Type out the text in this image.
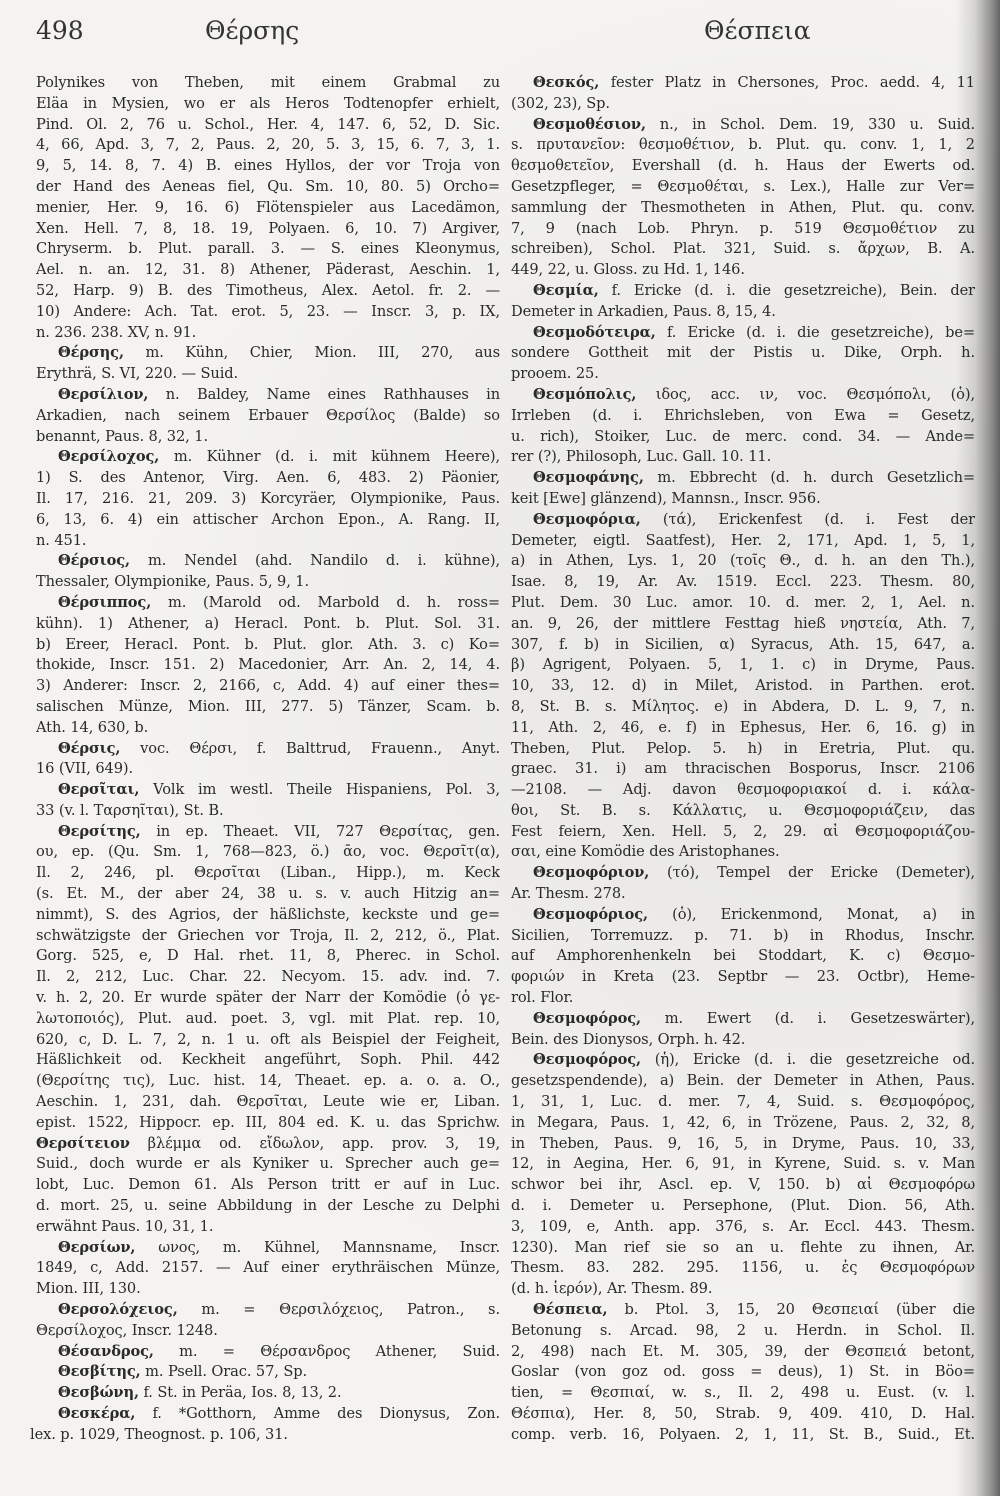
498	Θέρσης	Θέσπεια
Polynikes von Theben, mit einem Grabmal zu
Eläa in Mysien, wo er als Heros Todtenopfer erhielt,
Pind. Ol. 2, 76 u. Schol., Her. 4, 147. 6, 52, D. Sic.
4, 66, Apd. 3, 7, 2, Paus. 2, 20, 5. 3, 15, 6. 7, 3, 1.
9, 5, 14. 8, 7. 4) B. eines Hyllos, der vor Troja von
der Hand des Aeneas fiel, Qu. Sm. 10, 80. 5) Orcho=
menier, Her. 9, 16. 6) Flötenspieler aus Lacedämon,
Xen. Hell. 7, 8, 18. 19, Polyaen. 6, 10. 7) Argiver,
Chryserm. b. Plut. parall. 3. — S. eines Kleonymus,
Ael. n. an. 12, 31. 8) Athener, Päderast, Aeschin. 1,
52, Harp. 9) B. des Timotheus, Alex. Aetol. fr. 2. —
10) Andere: Ach. Tat. erot. 5, 23. — Inscr. 3, p. IX,
n. 236. 238. XV, n. 91.
Θέρσης, m. Kühn, Chier, Mion. III, 270, aus
Erythrä, S. VI, 220. — Suid.
Θερσίλιον, n. Baldey, Name eines Rathhauses in
Arkadien, nach seinem Erbauer Θερσίλος (Balde) so
benannt, Paus. 8, 32, 1.
Θερσίλοχος, m. Kühner (d. i. mit kühnem Heere),
1) S. des Antenor, Virg. Aen. 6, 483. 2) Päonier,
Il. 17, 216. 21, 209. 3) Korcyräer, Olympionike, Paus.
6, 13, 6. 4) ein attischer Archon Epon., A. Rang. II,
n. 451.
Θέρσιος, m. Nendel (ahd. Nandilo d. i. kühne),
Thessaler, Olympionike, Paus. 5, 9, 1.
Θέρσιππος, m. (Marold od. Marbold d. h. ross=
kühn). 1) Athener, a) Heracl. Pont. b. Plut. Sol. 31.
b) Ereer, Heracl. Pont. b. Plut. glor. Ath. 3. c) Ko=
thokide, Inscr. 151. 2) Macedonier, Arr. An. 2, 14, 4.
3) Anderer: Inscr. 2, 2166, c, Add. 4) auf einer thes=
salischen Münze, Mion. III, 277. 5) Tänzer, Scam. b.
Ath. 14, 630, b.
Θέρσις, voc. Θέρσι, f. Balttrud, Frauenn., Anyt.
16 (VII, 649).
Θερσῖται, Volk im westl. Theile Hispaniens, Pol. 3,
33 (v. l. Ταρσηῖται), St. B.
Θερσίτης, in ep. Theaet. VII, 727 Θερσίτας, gen.
ου, ep. (Qu. Sm. 1, 768—823, ö.) ᾱο, voc. Θερσῖτ(α),
Il. 2, 246, pl. Θερσῖται (Liban., Hipp.), m. Keck
(s. Et. M., der aber 24, 38 u. s. v. auch Hitzig an=
nimmt), S. des Agrios, der häßlichste, keckste und ge=
schwätzigste der Griechen vor Troja, Il. 2, 212, ö., Plat.
Gorg. 525, e, D Hal. rhet. 11, 8, Pherec. in Schol.
Il. 2, 212, Luc. Char. 22. Necyom. 15. adv. ind. 7.
v. h. 2, 20. Er wurde später der Narr der Komödie (ὁ γε-
λωτοποιός), Plut. aud. poet. 3, vgl. mit Plat. rep. 10,
620, c, D. L. 7, 2, n. 1 u. oft als Beispiel der Feigheit,
Häßlichkeit od. Keckheit angeführt, Soph. Phil. 442
(Θερσίτης τις), Luc. hist. 14, Theaet. ep. a. o. a. O.,
Aeschin. 1, 231, dah. Θερσῖται, Leute wie er, Liban.
epist. 1522, Hippocr. ep. III, 804 ed. K. u. das Sprichw.
Θερσίτειον βλέμμα od. εἴδωλον, app. prov. 3, 19,
Suid., doch wurde er als Kyniker u. Sprecher auch ge=
lobt, Luc. Demon 61. Als Person tritt er auf in Luc.
d. mort. 25, u. seine Abbildung in der Lesche zu Delphi
erwähnt Paus. 10, 31, 1.
Θερσίων, ωνος, m. Kühnel, Mannsname, Inscr.
1849, c, Add. 2157. — Auf einer erythräischen Münze,
Mion. III, 130.
Θερσολόχειος, m. = Θερσιλόχειος, Patron., s.
Θερσίλοχος, Inscr. 1248.
Θέσανδρος, m. = Θέρσανδρος Athener, Suid.
Θεσβίτης, m. Psell. Orac. 57, Sp.
Θεσβώνη, f. St. in Peräa, Ios. 8, 13, 2.
Θεσκέρα, f. *Gotthorn, Amme des Dionysus, Zon.
lex. p. 1029, Theognost. p. 106, 31.
Θεσκός, fester Platz in Chersones, Proc. aedd. 4, 11
(302, 23), Sp.
Θεσμοθέσιον, n., in Schol. Dem. 19, 330 u. Suid.
s. πρυτανεῖον: θεσμοθέτιον, b. Plut. qu. conv. 1, 1, 2
θεσμοθετεῖον, Evershall (d. h. Haus der Ewerts od.
Gesetzpfleger, = Θεσμοθέται, s. Lex.), Halle zur Ver=
sammlung der Thesmotheten in Athen, Plut. qu. conv.
7, 9 (nach Lob. Phryn. p. 519 Θεσμοθέτιον zu
schreiben), Schol. Plat. 321, Suid. s. ἄρχων, B. A.
449, 22, u. Gloss. zu Hd. 1, 146.
Θεσμία, f. Ericke (d. i. die gesetzreiche), Bein. der
Demeter in Arkadien, Paus. 8, 15, 4.
Θεσμοδότειρα, f. Ericke (d. i. die gesetzreiche), be=
sondere Gottheit mit der Pistis u. Dike, Orph. h.
prooem. 25.
Θεσμόπολις, ιδος, acc. ιν, voc. Θεσμόπολι, (ὁ),
Irrleben (d. i. Ehrichsleben, von Ewa = Gesetz,
u. rich), Stoiker, Luc. de merc. cond. 34. — Ande=
rer (?), Philosoph, Luc. Gall. 10. 11.
Θεσμοφάνης, m. Ebbrecht (d. h. durch Gesetzlich=
keit [Ewe] glänzend), Mannsn., Inscr. 956.
Θεσμοφόρια, (τά), Erickenfest (d. i. Fest der
Demeter, eigtl. Saatfest), Her. 2, 171, Apd. 1, 5, 1,
a) in Athen, Lys. 1, 20 (τοῖς Θ., d. h. an den Th.),
Isae. 8, 19, Ar. Av. 1519. Eccl. 223. Thesm. 80,
Plut. Dem. 30 Luc. amor. 10. d. mer. 2, 1, Ael. n.
an. 9, 26, der mittlere Festtag hieß νηστεία, Ath. 7,
307, f. b) in Sicilien, α) Syracus, Ath. 15, 647, a.
β) Agrigent, Polyaen. 5, 1, 1. c) in Dryme, Paus.
10, 33, 12. d) in Milet, Aristod. in Parthen. erot.
8, St. B. s. Μίλητος. e) in Abdera, D. L. 9, 7, n.
11, Ath. 2, 46, e. f) in Ephesus, Her. 6, 16. g) in
Theben, Plut. Pelop. 5. h) in Eretria, Plut. qu.
graec. 31. i) am thracischen Bosporus, Inscr. 2106
—2108. — Adj. davon θεσμοφοριακοί d. i. κάλα-
θοι, St. B. s. Κάλλατις, u. Θεσμοφοριάζειν, das
Fest feiern, Xen. Hell. 5, 2, 29. αἱ Θεσμοφοριάζου-
σαι, eine Komödie des Aristophanes.
Θεσμοφόριον, (τό), Tempel der Ericke (Demeter),
Ar. Thesm. 278.
Θεσμοφόριος, (ὁ), Erickenmond, Monat, a) in
Sicilien, Torremuzz. p. 71. b) in Rhodus, Inschr.
auf Amphorenhenkeln bei Stoddart, K. c) Θεσμο-
φοριών in Kreta (23. Septbr — 23. Octbr), Heme-
rol. Flor.
Θεσμοφόρος, m. Ewert (d. i. Gesetzeswärter),
Bein. des Dionysos, Orph. h. 42.
Θεσμοφόρος, (ἡ), Ericke (d. i. die gesetzreiche od.
gesetzspendende), a) Bein. der Demeter in Athen, Paus.
1, 31, 1, Luc. d. mer. 7, 4, Suid. s. Θεσμοφόρος,
in Megara, Paus. 1, 42, 6, in Trözene, Paus. 2, 32, 8,
in Theben, Paus. 9, 16, 5, in Dryme, Paus. 10, 33,
12, in Aegina, Her. 6, 91, in Kyrene, Suid. s. v. Man
schwor bei ihr, Ascl. ep. V, 150. b) αἱ Θεσμοφόρω
d. i. Demeter u. Persephone, (Plut. Dion. 56, Ath.
3, 109, e, Anth. app. 376, s. Ar. Eccl. 443. Thesm.
1230). Man rief sie so an u. flehte zu ihnen, Ar.
Thesm. 83. 282. 295. 1156, u. ἐς Θεσμοφόρων
(d. h. ἱερόν), Ar. Thesm. 89.
Θέσπεια, b. Ptol. 3, 15, 20 Θεσπειαί (über die
Betonung s. Arcad. 98, 2 u. Herdn. in Schol. Il.
2, 498) nach Et. M. 305, 39, der Θεσπειά betont,
Goslar (von goz od. goss = deus), 1) St. in Böo=
tien, = Θεσπιαί, w. s., Il. 2, 498 u. Eust. (v. l.
Θέσπια), Her. 8, 50, Strab. 9, 409. 410, D. Hal.
comp. verb. 16, Polyaen. 2, 1, 11, St. B., Suid., Et.
